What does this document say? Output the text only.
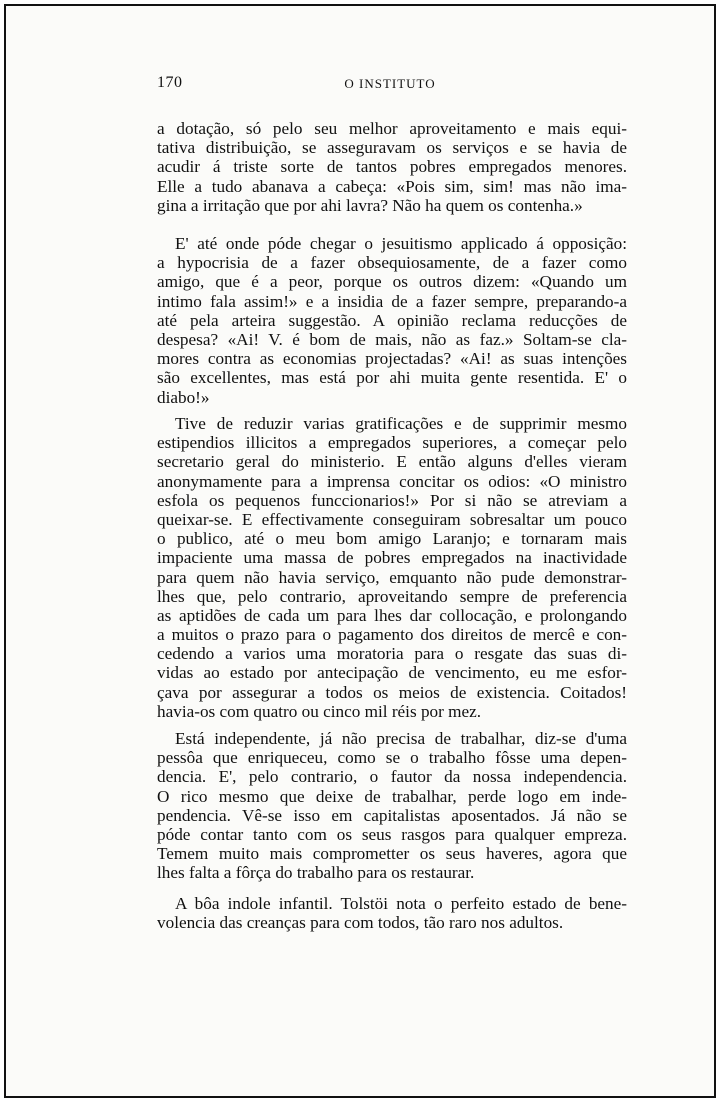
170	O INSTITUTO
a dotação, só pelo seu melhor aproveitamento e mais equi-
tativa distribuição, se asseguravam os serviços e se havia de
acudir á triste sorte de tantos pobres empregados menores.
Elle a tudo abanava a cabeça: «Pois sim, sim! mas não ima-
gina a irritação que por ahi lavra? Não ha quem os contenha.»
E' até onde póde chegar o jesuitismo applicado á opposição:
a hypocrisia de a fazer obsequiosamente, de a fazer como
amigo, que é a peor, porque os outros dizem: «Quando um
intimo fala assim!» e a insidia de a fazer sempre, preparando-a
até pela arteira suggestão. A opinião reclama reducções de
despesa? «Ai! V. é bom de mais, não as faz.» Soltam-se cla-
mores contra as economias projectadas? «Ai! as suas intenções
são excellentes, mas está por ahi muita gente resentida. E' o
diabo!»
Tive de reduzir varias gratificações e de supprimir mesmo
estipendios illicitos a empregados superiores, a começar pelo
secretario geral do ministerio. E então alguns d'elles vieram
anonymamente para a imprensa concitar os odios: «O ministro
esfola os pequenos funccionarios!» Por si não se atreviam a
queixar-se. E effectivamente conseguiram sobresaltar um pouco
o publico, até o meu bom amigo Laranjo; e tornaram mais
impaciente uma massa de pobres empregados na inactividade
para quem não havia serviço, emquanto não pude demonstrar-
lhes que, pelo contrario, aproveitando sempre de preferencia
as aptidões de cada um para lhes dar collocação, e prolongando
a muitos o prazo para o pagamento dos direitos de mercê e con-
cedendo a varios uma moratoria para o resgate das suas di-
vidas ao estado por antecipação de vencimento, eu me esfor-
çava por assegurar a todos os meios de existencia. Coitados!
havia-os com quatro ou cinco mil réis por mez.
Está independente, já não precisa de trabalhar, diz-se d'uma
pessôa que enriqueceu, como se o trabalho fôsse uma depen-
dencia. E', pelo contrario, o fautor da nossa independencia.
O rico mesmo que deixe de trabalhar, perde logo em inde-
pendencia. Vê-se isso em capitalistas aposentados. Já não se
póde contar tanto com os seus rasgos para qualquer empreza.
Temem muito mais comprometter os seus haveres, agora que
lhes falta a fôrça do trabalho para os restaurar.
A bôa indole infantil. Tolstöi nota o perfeito estado de bene-
volencia das creanças para com todos, tão raro nos adultos.
